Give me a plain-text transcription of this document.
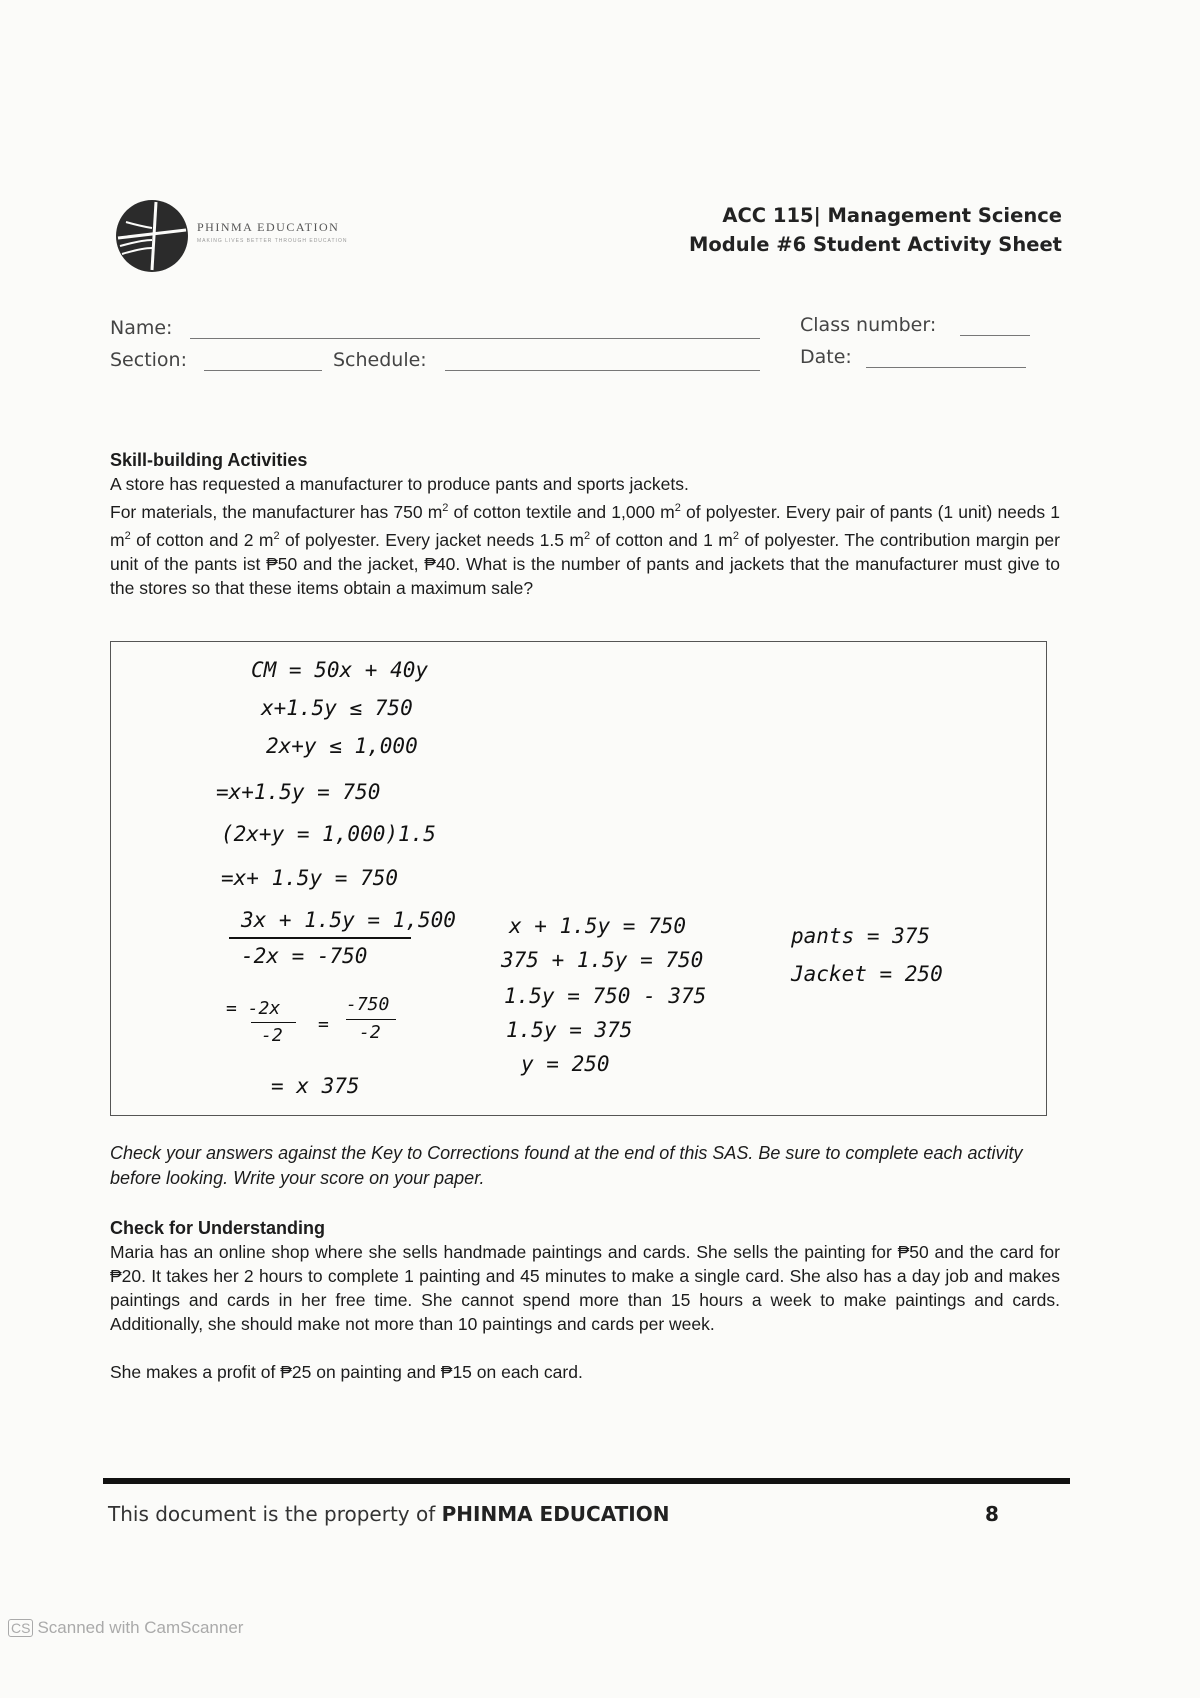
PHINMA EDUCATION
MAKING LIVES BETTER THROUGH EDUCATION
ACC 115| Management Science
Module #6 Student Activity Sheet
Name:
Section:	Schedule:
Class number:
Date:
Skill-building Activities
A store has requested a manufacturer to produce pants and sports jackets.
For materials, the manufacturer has 750 $m^2$ of cotton textile and 1,000 $m^2$ of polyester. Every pair of pants (1 unit) needs 1 $m^2$ of cotton and 2 $m^2$ of polyester. Every jacket needs 1.5 $m^2$ of cotton and 1 $m^2$ of polyester. The contribution margin per unit of the pants ist ₱50 and the jacket, ₱40. What is the number of pants and jackets that the manufacturer must give to the stores so that these items obtain a maximum sale?
CM = 50x + 40y
x+1.5y ≤ 750
2x+y ≤ 1,000
=x+1.5y = 750
(2x+y = 1,000)1.5
=x+ 1.5y = 750
3x + 1.5y = 1,500
-2x = -750
= -2x
-2
=
-750
-2
= x 375
x + 1.5y = 750
375 + 1.5y = 750
1.5y = 750 - 375
1.5y = 375
y = 250
pants = 375
Jacket = 250
Check your answers against the Key to Corrections found at the end of this SAS. Be sure to complete each activity before looking. Write your score on your paper.
Check for Understanding
Maria has an online shop where she sells handmade paintings and cards. She sells the painting for ₱50 and the card for ₱20. It takes her 2 hours to complete 1 painting and 45 minutes to make a single card. She also has a day job and makes paintings and cards in her free time. She cannot spend more than 15 hours a week to make paintings and cards. Additionally, she should make not more than 10 paintings and cards per week.
She makes a profit of ₱25 on painting and ₱15 on each card.
This document is the property of PHINMA EDUCATION	8
CS Scanned with CamScanner
